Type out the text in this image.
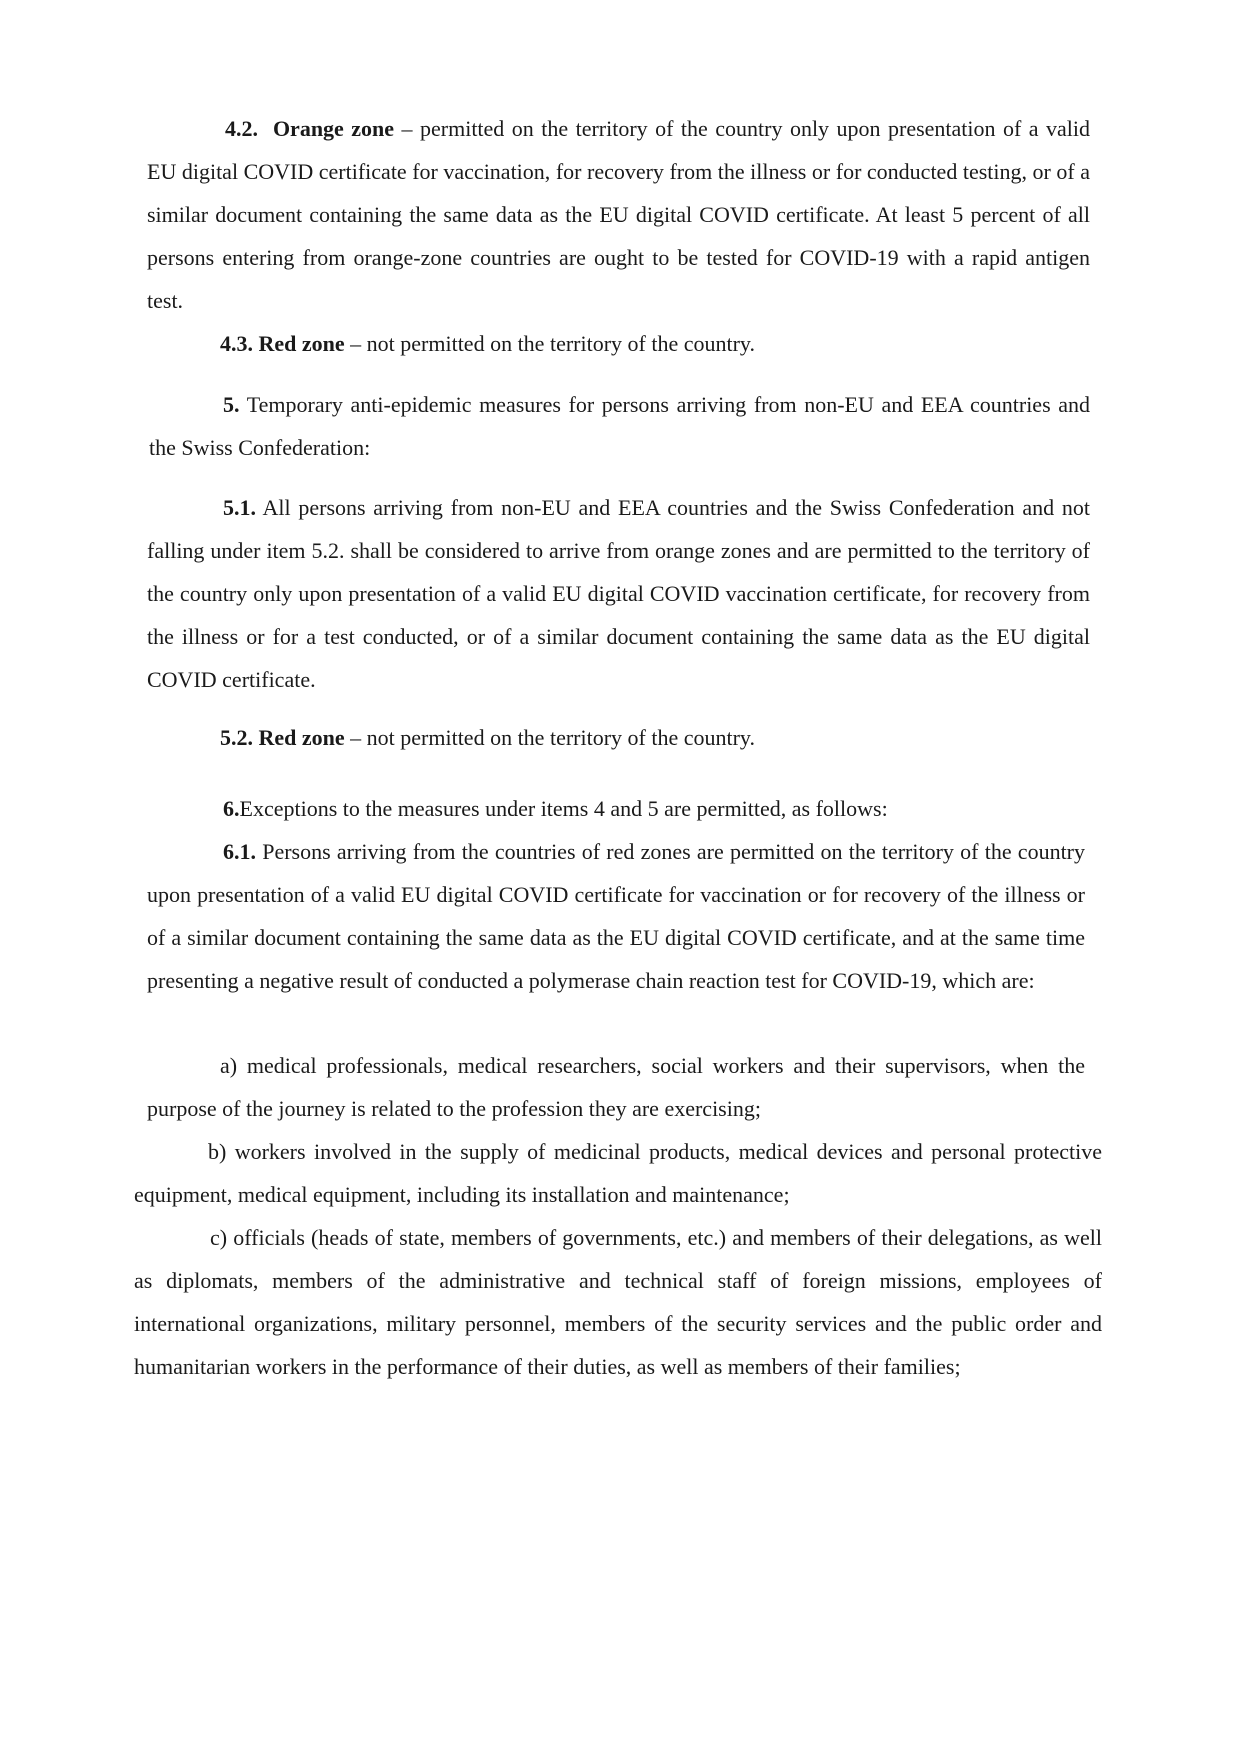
4.2. Orange zone – permitted on the territory of the country only upon presentation of a valid EU digital COVID certificate for vaccination, for recovery from the illness or for conducted testing, or of a similar document containing the same data as the EU digital COVID certificate. At least 5 percent of all persons entering from orange-zone countries are ought to be tested for COVID-19 with a rapid antigen test.

4.3. Red zone – not permitted on the territory of the country.

5. Temporary anti-epidemic measures for persons arriving from non-EU and EEA countries and the Swiss Confederation:

5.1. All persons arriving from non-EU and EEA countries and the Swiss Confederation and not falling under item 5.2. shall be considered to arrive from orange zones and are permitted to the territory of the country only upon presentation of a valid EU digital COVID vaccination certificate, for recovery from the illness or for a test conducted, or of a similar document containing the same data as the EU digital COVID certificate.

5.2. Red zone – not permitted on the territory of the country.

6.Exceptions to the measures under items 4 and 5 are permitted, as follows:

6.1. Persons arriving from the countries of red zones are permitted on the territory of the country upon presentation of a valid EU digital COVID certificate for vaccination or for recovery of the illness or of a similar document containing the same data as the EU digital COVID certificate, and at the same time presenting a negative result of conducted a polymerase chain reaction test for COVID-19, which are:

a) medical professionals, medical researchers, social workers and their supervisors, when the purpose of the journey is related to the profession they are exercising;

b) workers involved in the supply of medicinal products, medical devices and personal protective equipment, medical equipment, including its installation and maintenance;

c) officials (heads of state, members of governments, etc.) and members of their delegations, as well as diplomats, members of the administrative and technical staff of foreign missions, employees of international organizations, military personnel, members of the security services and the public order and humanitarian workers in the performance of their duties, as well as members of their families;
